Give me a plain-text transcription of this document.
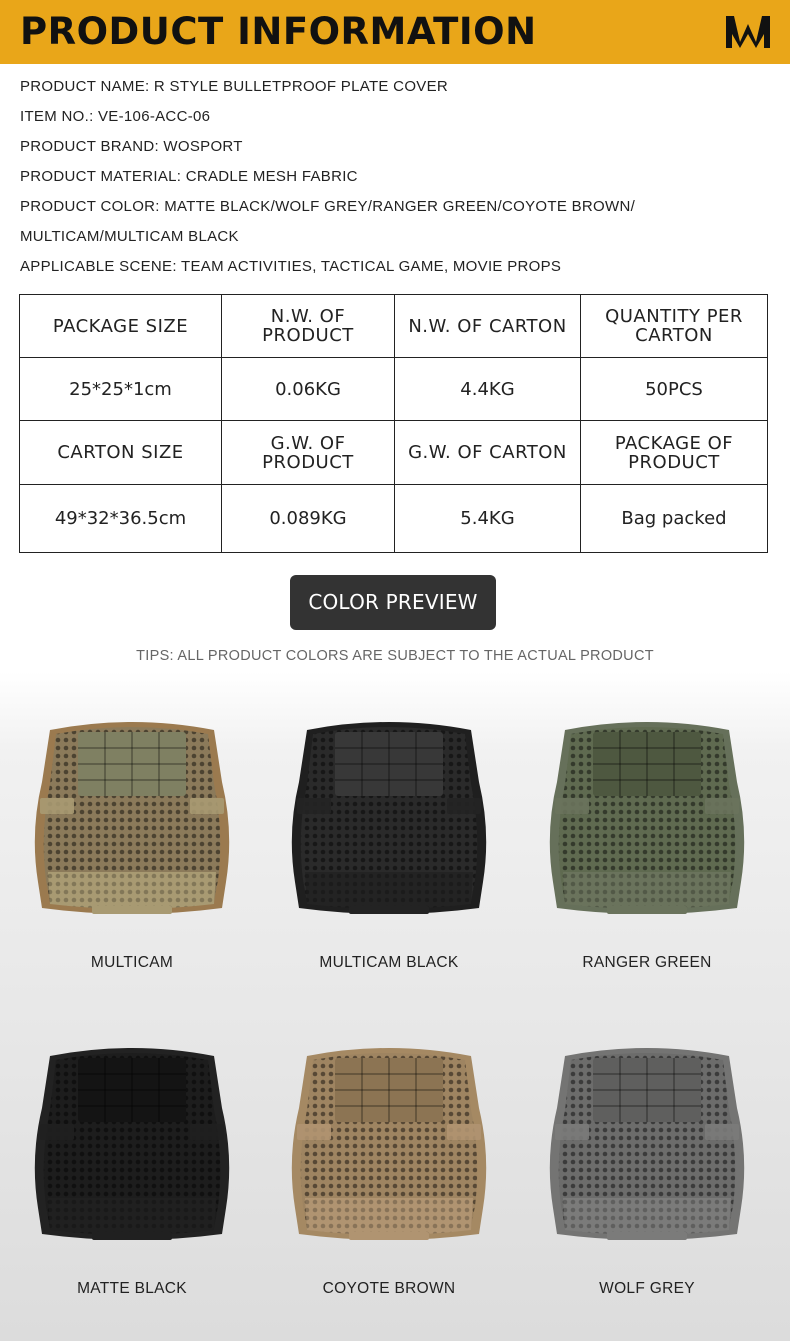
PRODUCT INFORMATION
PRODUCT NAME: R STYLE BULLETPROOF PLATE COVER
ITEM NO.: VE-106-ACC-06
PRODUCT BRAND: WOSPORT
PRODUCT MATERIAL: CRADLE MESH FABRIC
PRODUCT COLOR: MATTE BLACK/WOLF GREY/RANGER GREEN/COYOTE BROWN/
MULTICAM/MULTICAM BLACK
APPLICABLE SCENE: TEAM ACTIVITIES, TACTICAL GAME, MOVIE PROPS
PACKAGE SIZE	N.W. OF PRODUCT	N.W. OF CARTON	QUANTITY PER CARTON
25*25*1cm	0.06KG	4.4KG	50PCS
CARTON SIZE	G.W. OF PRODUCT	G.W. OF CARTON	PACKAGE OF PRODUCT
49*32*36.5cm	0.089KG	5.4KG	Bag packed
COLOR PREVIEW
TIPS: ALL PRODUCT COLORS ARE SUBJECT TO THE ACTUAL PRODUCT
MULTICAM	MULTICAM BLACK	RANGER GREEN
MATTE BLACK	COYOTE BROWN	WOLF GREY
